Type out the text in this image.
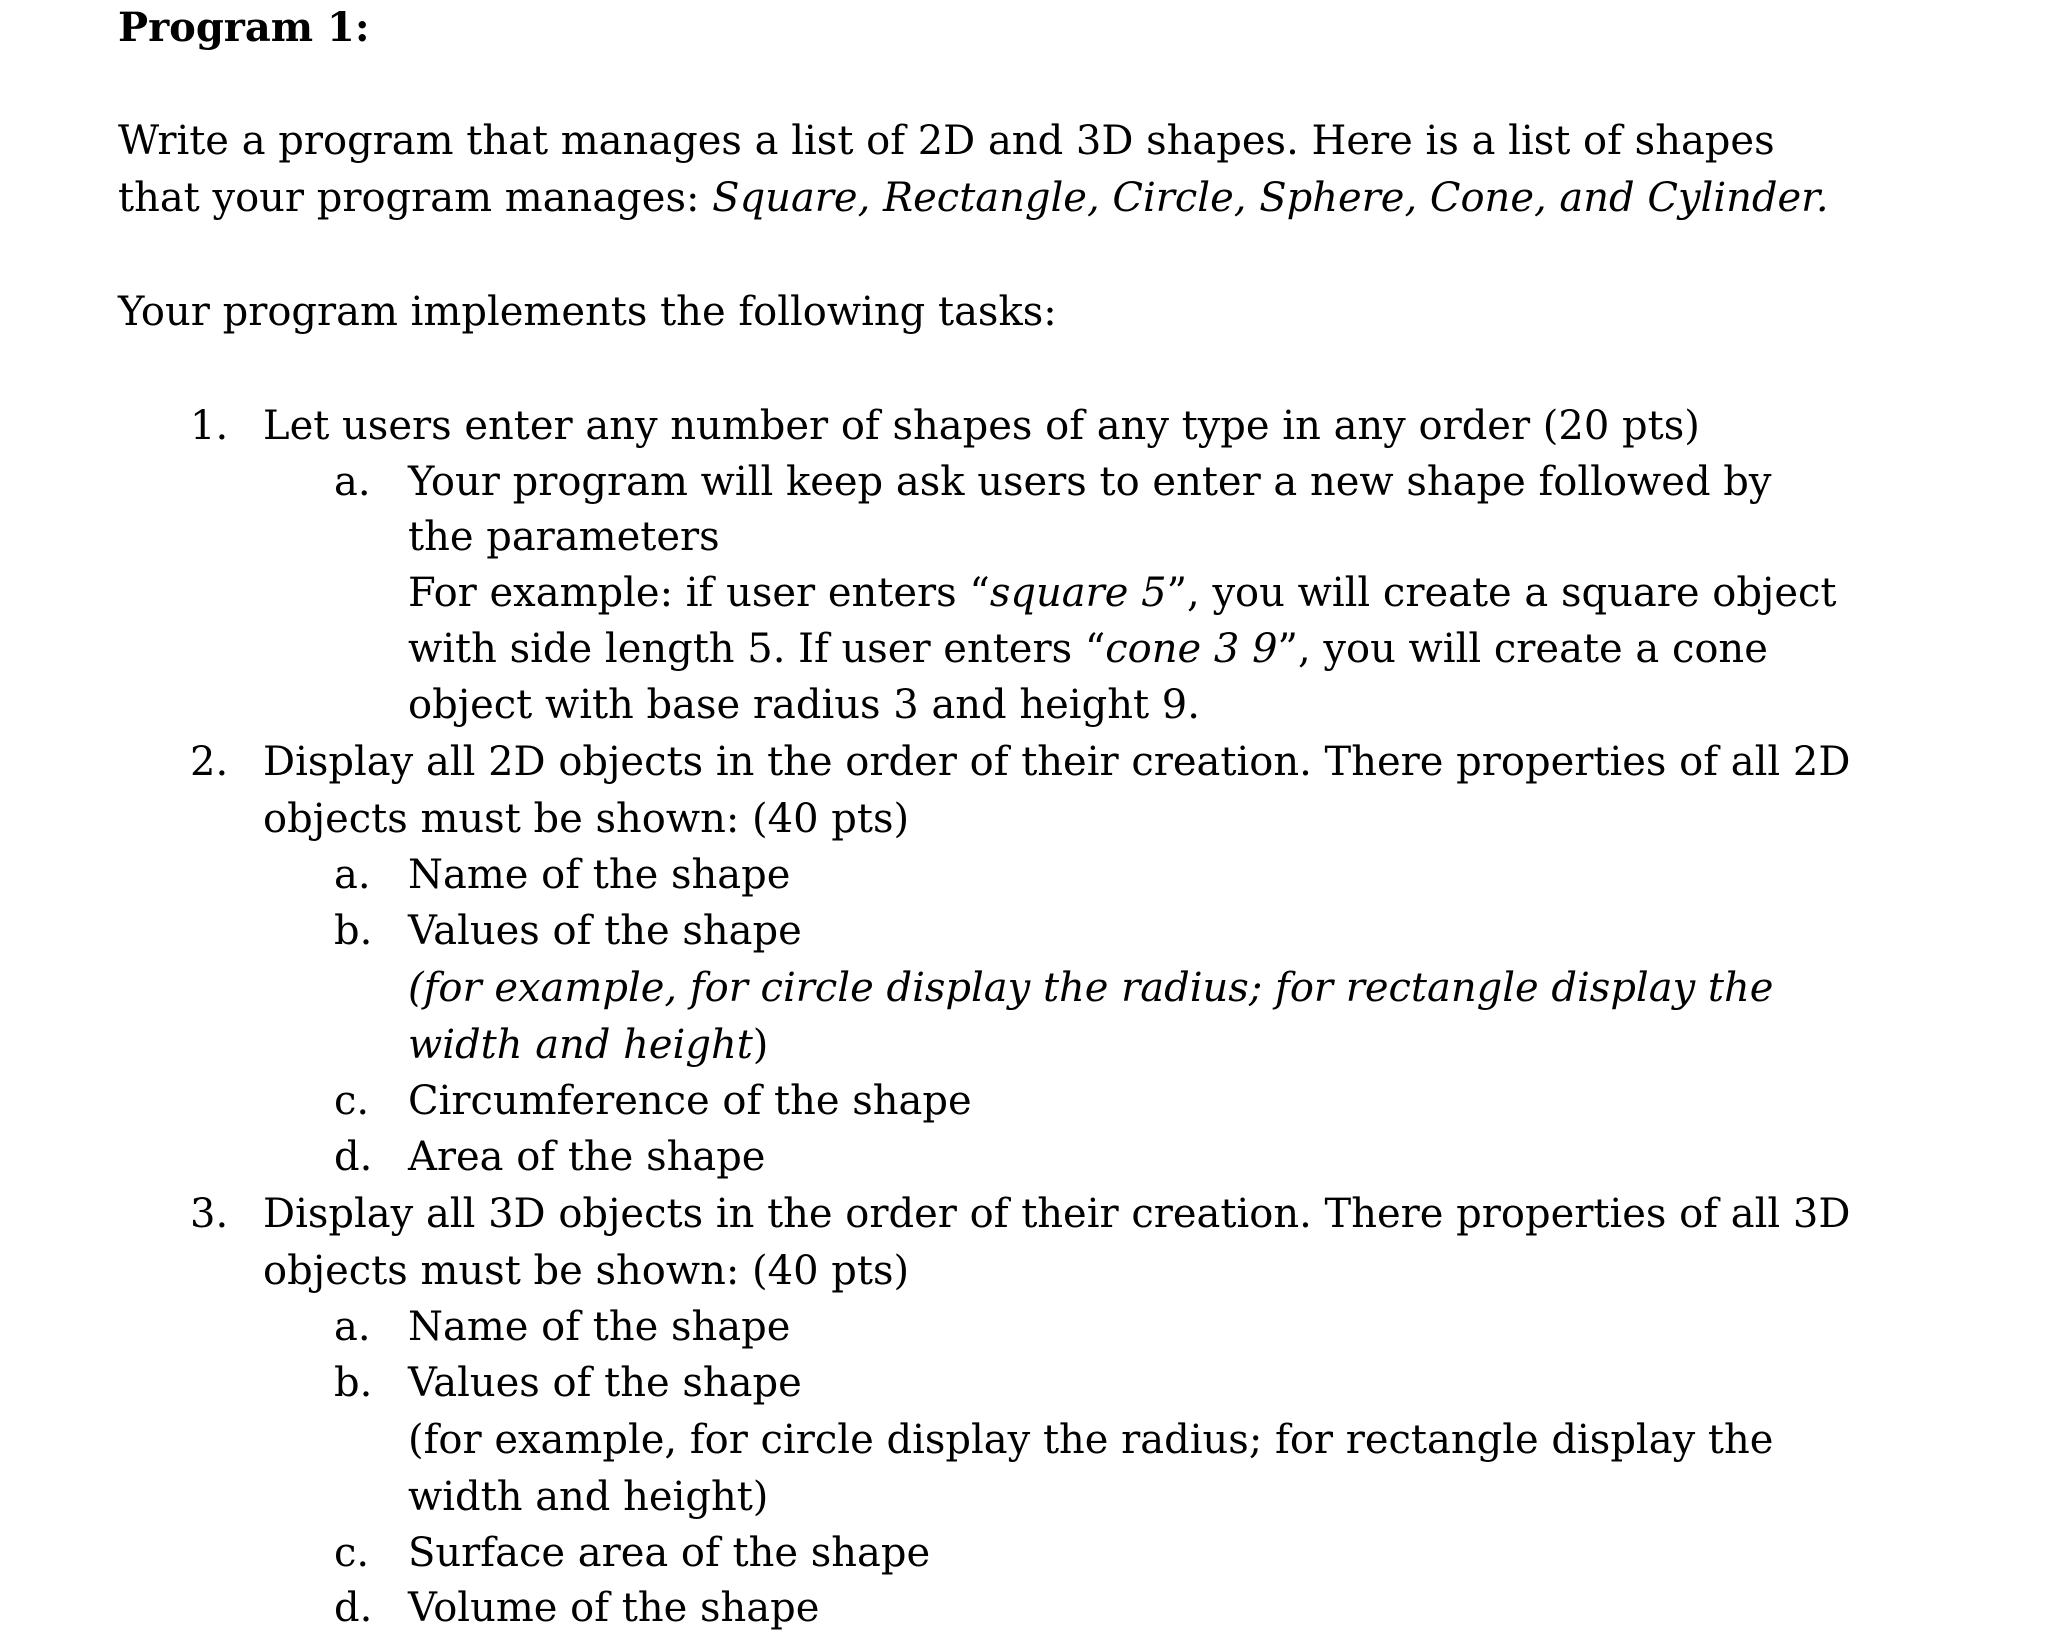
Program 1:

Write a program that manages a list of 2D and 3D shapes. Here is a list of shapes
that your program manages: Square, Rectangle, Circle, Sphere, Cone, and Cylinder.

Your program implements the following tasks:

1. Let users enter any number of shapes of any type in any order (20 pts)
a. Your program will keep ask users to enter a new shape followed by
the parameters
For example: if user enters “square 5”, you will create a square object
with side length 5. If user enters “cone 3 9”, you will create a cone
object with base radius 3 and height 9.
2. Display all 2D objects in the order of their creation. There properties of all 2D
objects must be shown: (40 pts)
a. Name of the shape
b. Values of the shape
(for example, for circle display the radius; for rectangle display the
width and height)
c. Circumference of the shape
d. Area of the shape
3. Display all 3D objects in the order of their creation. There properties of all 3D
objects must be shown: (40 pts)
a. Name of the shape
b. Values of the shape
(for example, for circle display the radius; for rectangle display the
width and height)
c. Surface area of the shape
d. Volume of the shape
